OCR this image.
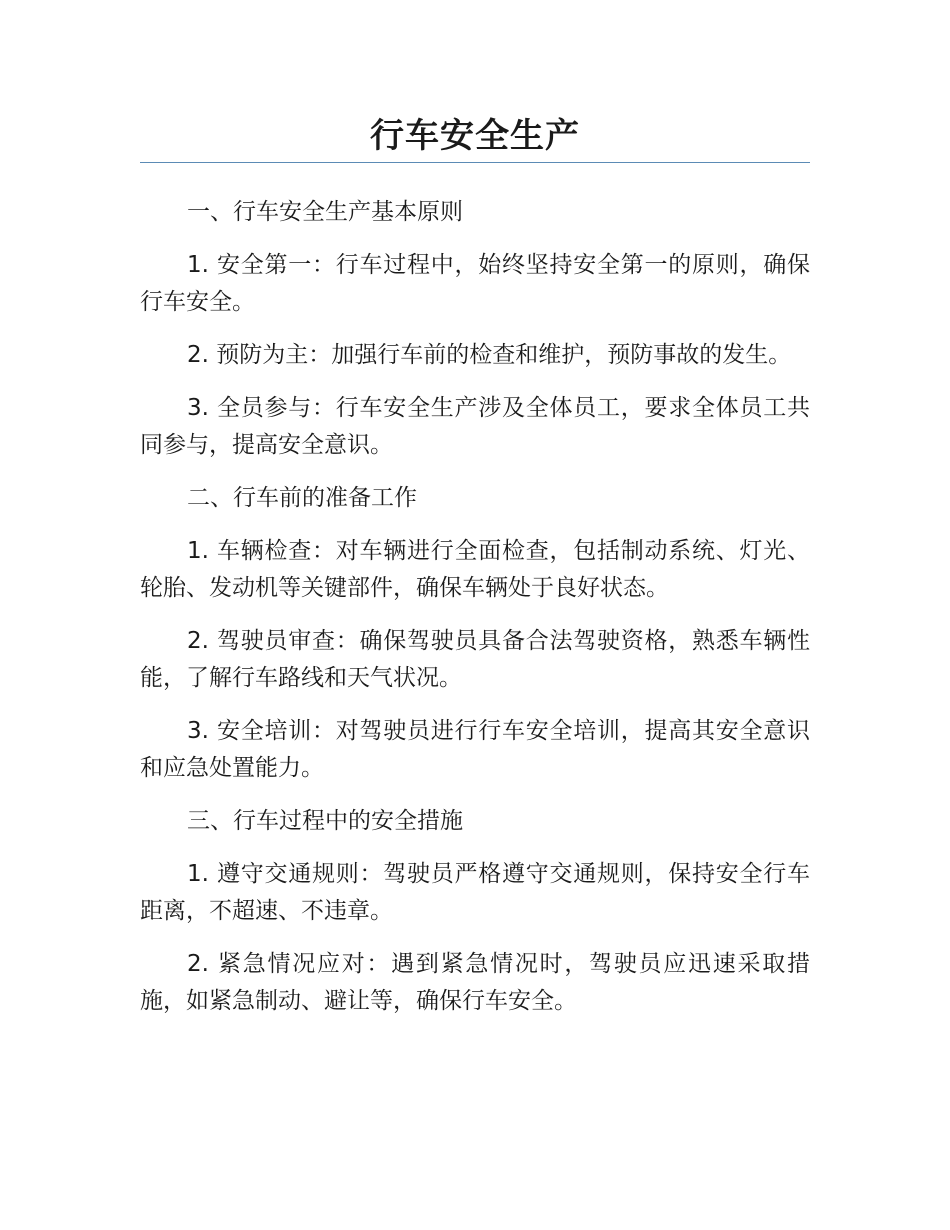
行车安全生产

一、行车安全生产基本原则

1. 安全第一：行车过程中，始终坚持安全第一的原则，确保行车安全。

2. 预防为主：加强行车前的检查和维护，预防事故的发生。

3. 全员参与：行车安全生产涉及全体员工，要求全体员工共同参与，提高安全意识。

二、行车前的准备工作

1. 车辆检查：对车辆进行全面检查，包括制动系统、灯光、轮胎、发动机等关键部件，确保车辆处于良好状态。

2. 驾驶员审查：确保驾驶员具备合法驾驶资格，熟悉车辆性能，了解行车路线和天气状况。

3. 安全培训：对驾驶员进行行车安全培训，提高其安全意识和应急处置能力。

三、行车过程中的安全措施

1. 遵守交通规则：驾驶员严格遵守交通规则，保持安全行车距离，不超速、不违章。

2. 紧急情况应对：遇到紧急情况时，驾驶员应迅速采取措施，如紧急制动、避让等，确保行车安全。
